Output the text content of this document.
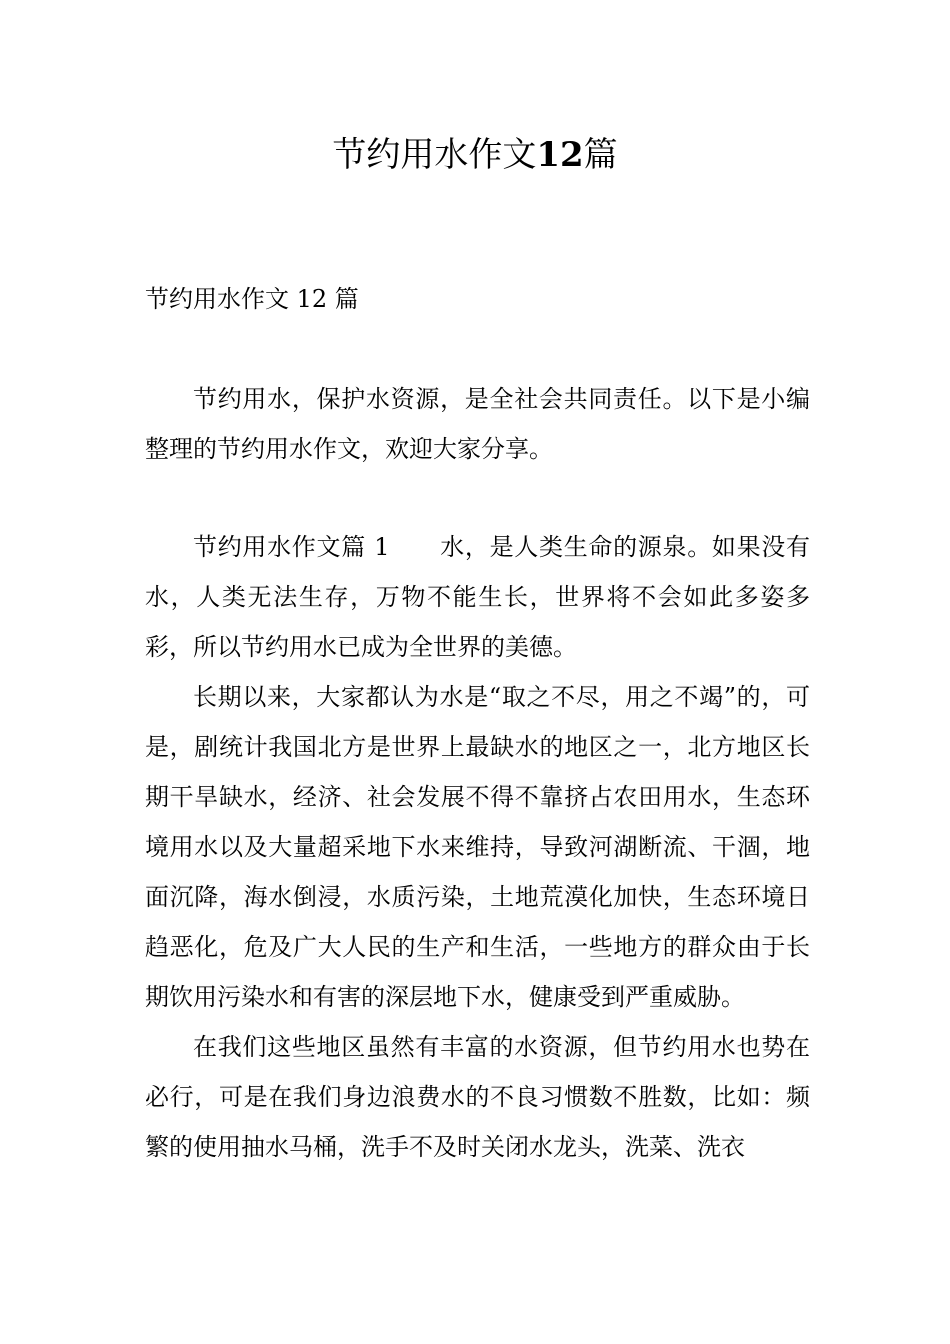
节约用水作文12篇

节约用水作文 12 篇

节约用水，保护水资源，是全社会共同责任。以下是小编整理的节约用水作文，欢迎大家分享。

节约用水作文篇 1 水，是人类生命的源泉。如果没有水，人类无法生存，万物不能生长，世界将不会如此多姿多彩，所以节约用水已成为全世界的美德。

长期以来，大家都认为水是“取之不尽，用之不竭”的，可是，剧统计我国北方是世界上最缺水的地区之一，北方地区长期干旱缺水，经济、社会发展不得不靠挤占农田用水，生态环境用水以及大量超采地下水来维持，导致河湖断流、干涸，地面沉降，海水倒浸，水质污染，土地荒漠化加快，生态环境日趋恶化，危及广大人民的生产和生活，一些地方的群众由于长期饮用污染水和有害的深层地下水，健康受到严重威胁。

在我们这些地区虽然有丰富的水资源，但节约用水也势在必行，可是在我们身边浪费水的不良习惯数不胜数，比如：频繁的使用抽水马桶，洗手不及时关闭水龙头，洗菜、洗衣
